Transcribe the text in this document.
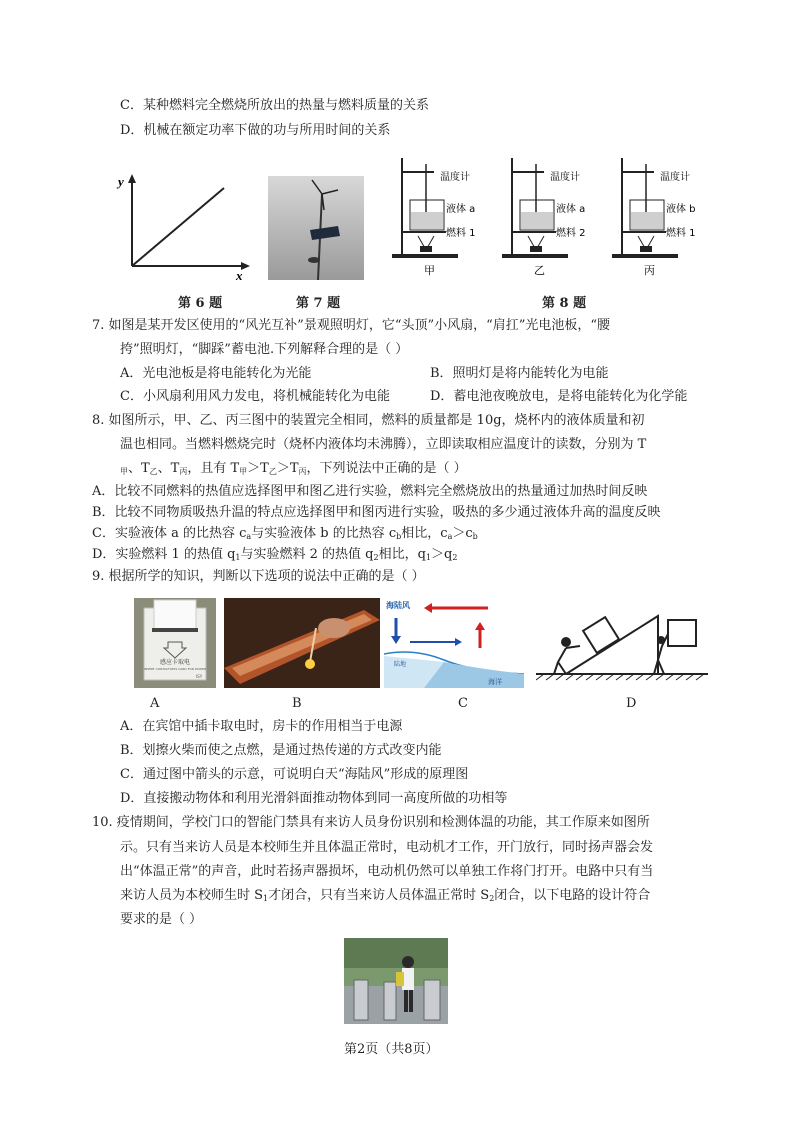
C．某种燃料完全燃烧所放出的热量与燃料质量的关系
D．机械在额定功率下做的功与所用时间的关系
y
x
温度计
液体 a
燃料 1
甲
温度计
液体 a
燃料 2
乙
温度计
液体 b
燃料 1
丙
第 6 题	第 7 题	第 8 题
7. 如图是某开发区使用的“风光互补”景观照明灯，它“头顶”小风扇，“肩扛”光电池板，“腰
挎”照明灯，“脚踩”蓄电池.下列解释合理的是（ ）
A．光电池板是将电能转化为光能	B．照明灯是将内能转化为电能
C．小风扇利用风力发电，将机械能转化为电能	D．蓄电池夜晚放电，是将电能转化为化学能
8. 如图所示，甲、乙、丙三图中的装置完全相同，燃料的质量都是 10g，烧杯内的液体质量和初
温也相同。当燃料燃烧完时（烧杯内液体均未沸腾），立即读取相应温度计的读数，分别为 T
$_甲$、$T_乙$、$T_丙$，且有 $T_甲>T_乙>T_丙$，下列说法中正确的是（ ）
A．比较不同燃料的热值应选择图甲和图乙进行实验，燃料完全燃烧放出的热量通过加热时间反映
B．比较不同物质吸热升温的特点应选择图甲和图丙进行实验，吸热的多少通过液体升高的温度反映
C．实验液体 a 的比热容 $c_a$与实验液体 b 的比热容 $c_b$相比，$c_a>c_b$
D．实验燃料 1 的热值 $q_1$与实验燃料 2 的热值 $q_2$相比，$q_1>q_2$
9. 根据所学的知识，判断以下选项的说法中正确的是（ ）
感应卡取电
INSERT CONTACTLESS CARD FOR POWER
ISY
海陆风
陆地
海洋
A	B	C	D
A．在宾馆中插卡取电时，房卡的作用相当于电源
B．划擦火柴而使之点燃，是通过热传递的方式改变内能
C．通过图中箭头的示意，可说明白天“海陆风”形成的原理图
D．直接搬动物体和利用光滑斜面推动物体到同一高度所做的功相等
10. 疫情期间，学校门口的智能门禁具有来访人员身份识别和检测体温的功能，其工作原来如图所
示。只有当来访人员是本校师生并且体温正常时，电动机才工作，开门放行，同时扬声器会发
出“体温正常”的声音，此时若扬声器损坏，电动机仍然可以单独工作将门打开。电路中只有当
来访人员为本校师生时 $S_1$才闭合，只有当来访人员体温正常时 $S_2$闭合，以下电路的设计符合
要求的是（ ）
第2页（共8页）
